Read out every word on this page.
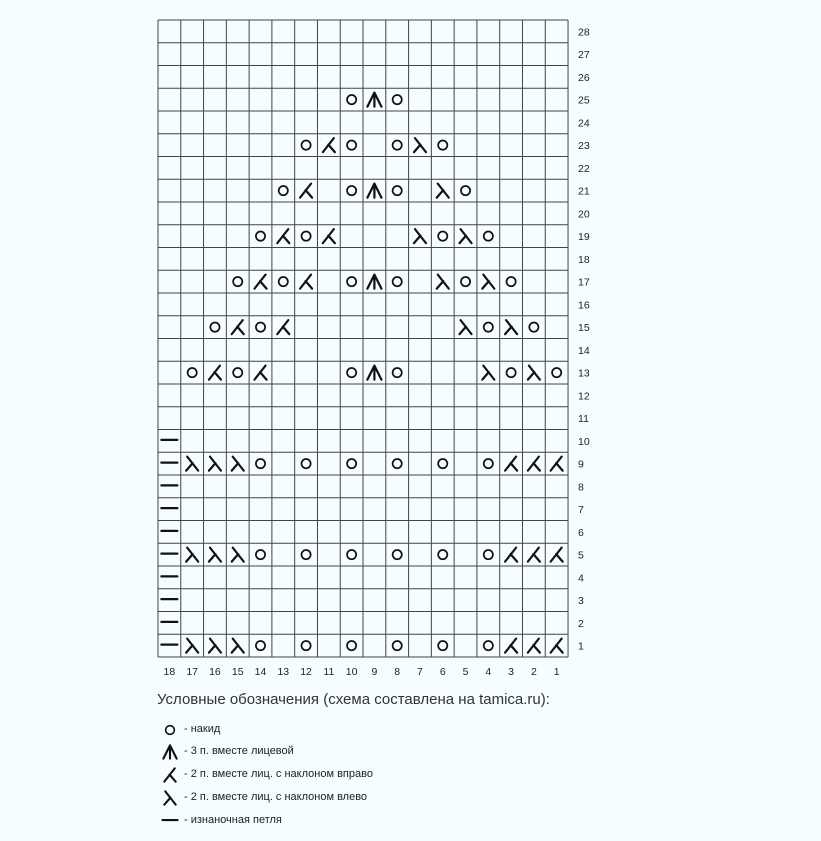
1
2
3
4
5
6
7
8
9
10
11
12
13
14
15
16
17
18
19
20
21
22
23
24
25
26
27
28
18 17 16 15 14 13 12 11 10 9 8 7 6 5 4 3 2 1
Условные обозначения (схема составлена на tamica.ru):
- накид
- 3 п. вместе лицевой
- 2 п. вместе лиц. с наклоном вправо
- 2 п. вместе лиц. с наклоном влево
- изнаночная петля
